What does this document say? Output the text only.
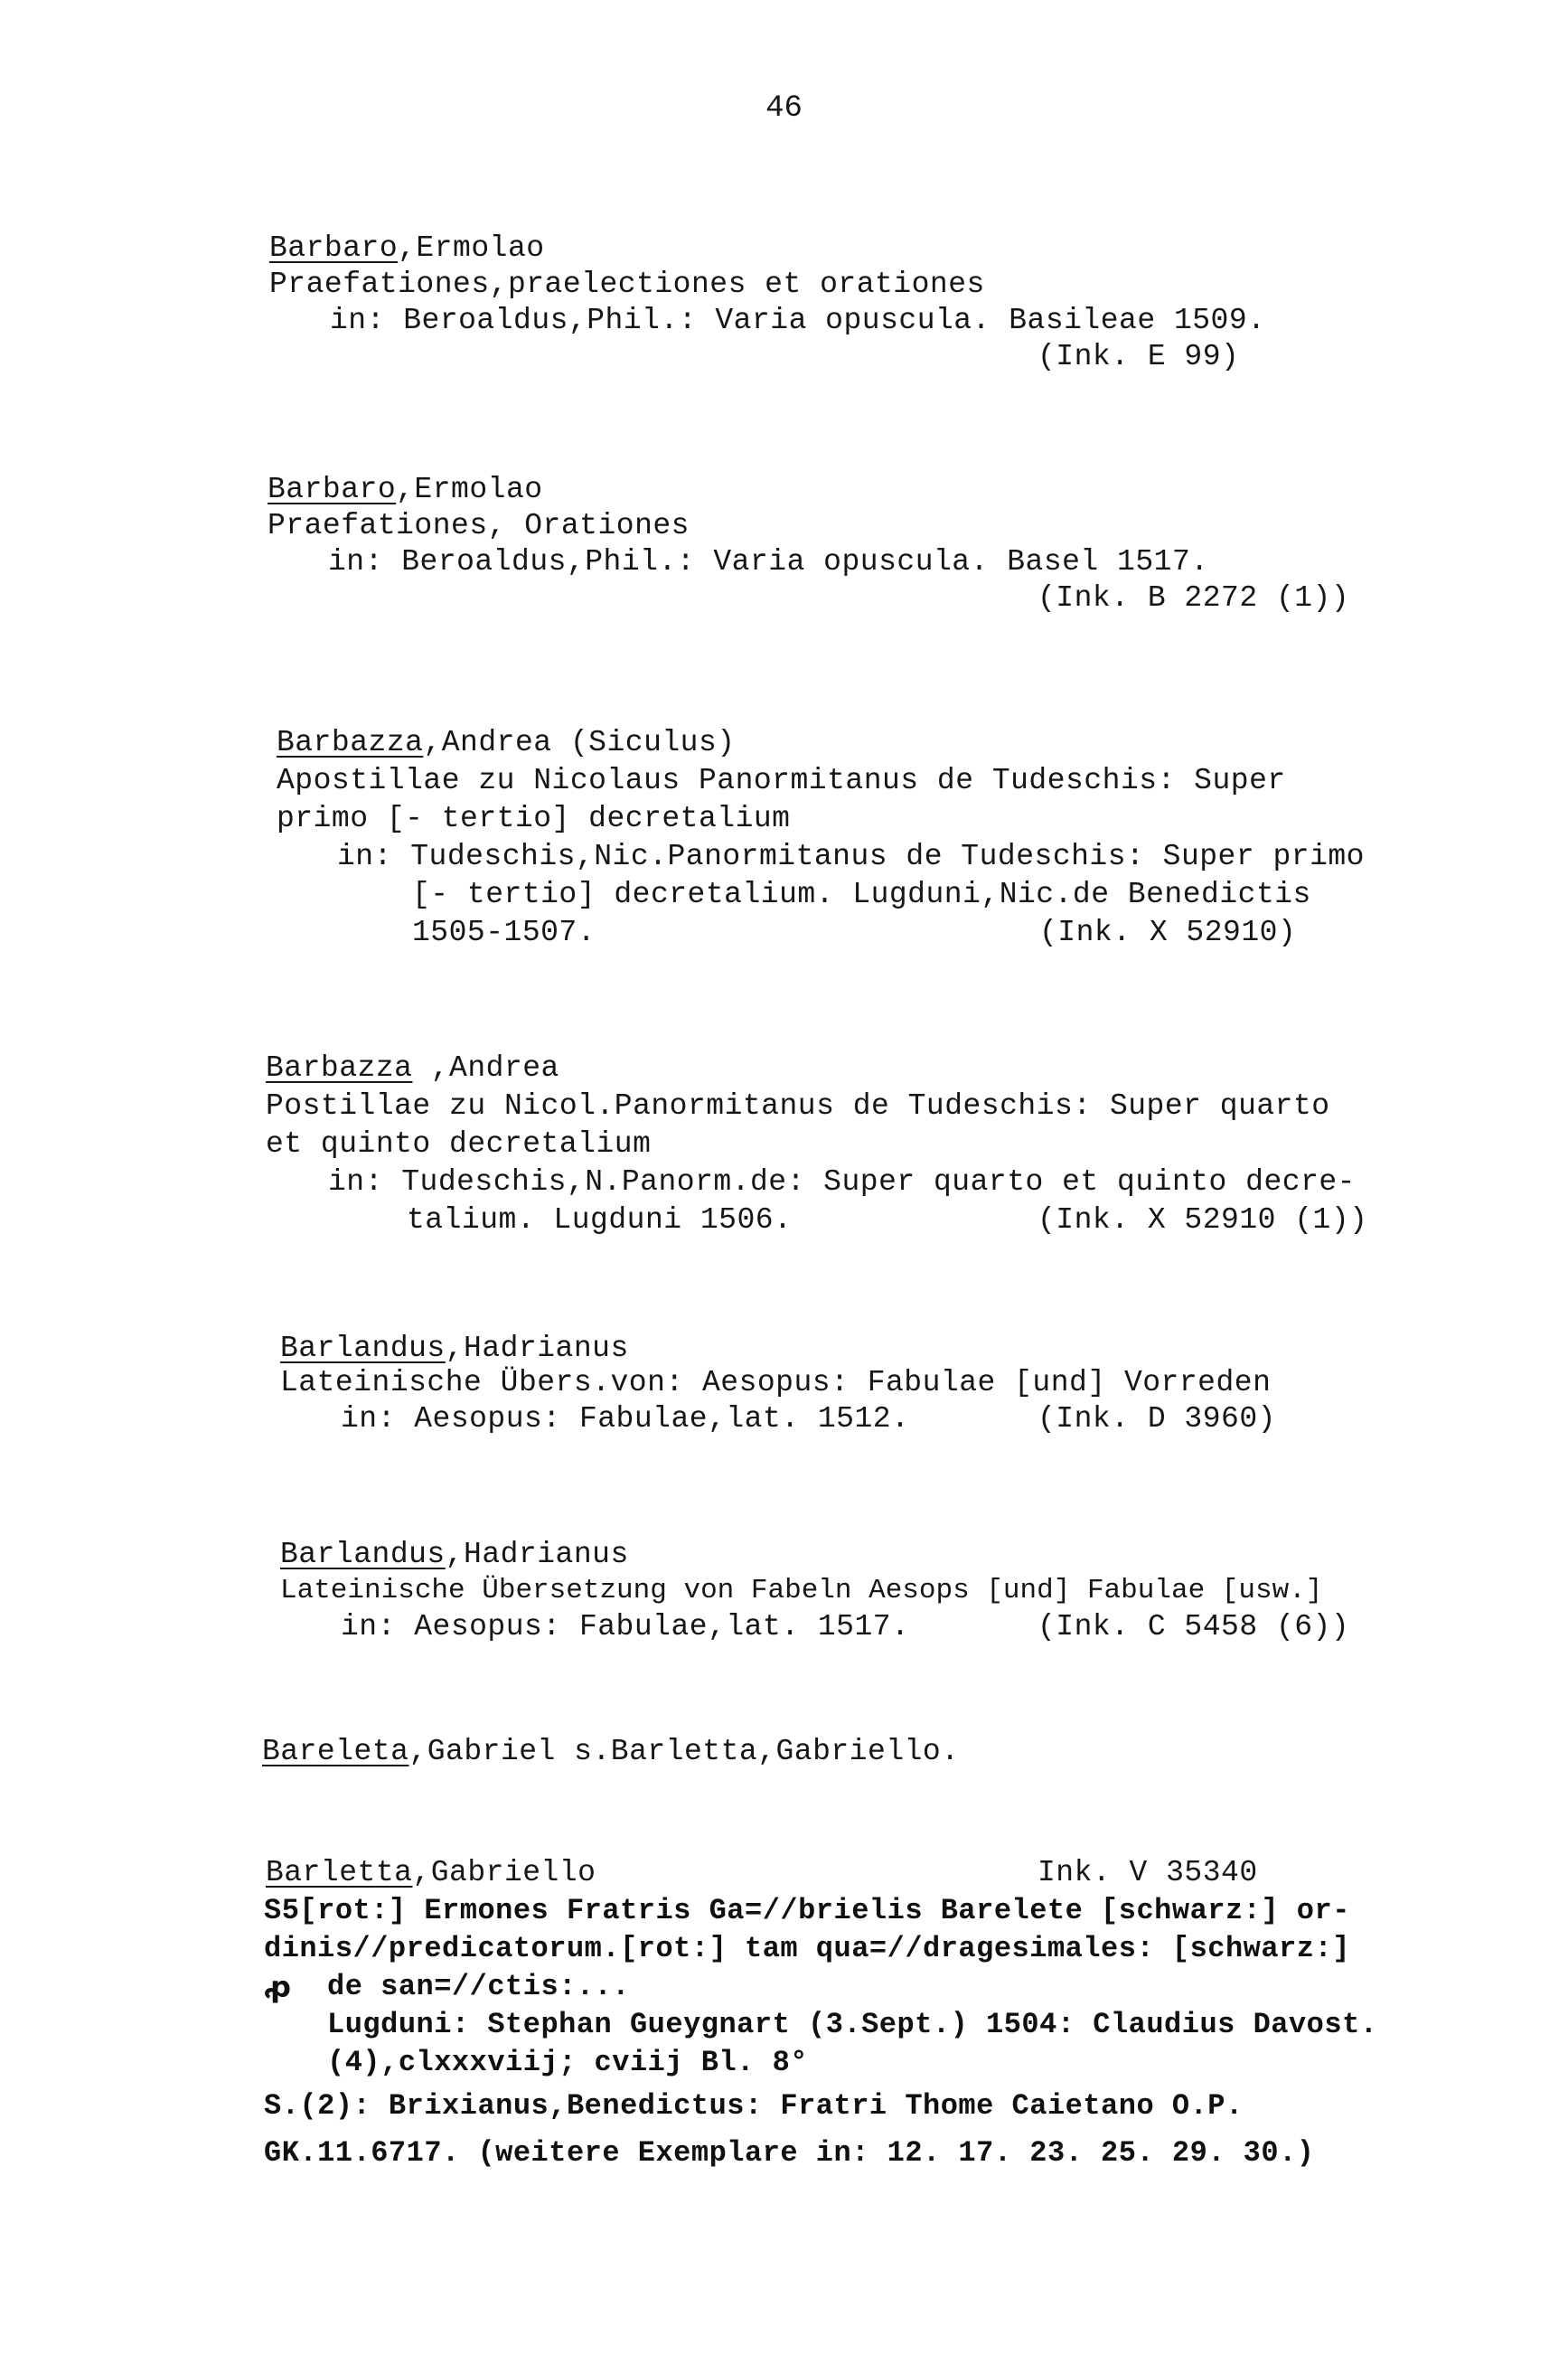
46
Barbaro,Ermolao
Praefationes,praelectiones et orationes
in: Beroaldus,Phil.: Varia opuscula. Basileae 1509.
(Ink. E 99)
Barbaro,Ermolao
Praefationes, Orationes
in: Beroaldus,Phil.: Varia opuscula. Basel 1517.
(Ink. B 2272 (1))
Barbazza,Andrea (Siculus)
Apostillae zu Nicolaus Panormitanus de Tudeschis: Super
primo [- tertio] decretalium
in: Tudeschis,Nic.Panormitanus de Tudeschis: Super primo
[- tertio] decretalium. Lugduni,Nic.de Benedictis
1505-1507.	(Ink. X 52910)
Barbazza ,Andrea
Postillae zu Nicol.Panormitanus de Tudeschis: Super quarto
et quinto decretalium
in: Tudeschis,N.Panorm.de: Super quarto et quinto decre-
talium. Lugduni 1506.	(Ink. X 52910 (1))
Barlandus,Hadrianus
Lateinische Übers.von: Aesopus: Fabulae [und] Vorreden
in: Aesopus: Fabulae,lat. 1512.	(Ink. D 3960)
Barlandus,Hadrianus
Lateinische Übersetzung von Fabeln Aesops [und] Fabulae [usw.]
in: Aesopus: Fabulae,lat. 1517.	(Ink. C 5458 (6))
Bareleta,Gabriel s.Barletta,Gabriello.
Barletta,Gabriello	Ink. V 35340
S5[rot:] Ermones Fratris Ga=//brielis Barelete [schwarz:] or-
dinis//predicatorum.[rot:] tam qua=//dragesimales: [schwarz:]
ꝓ de san=//ctis:...
Lugduni: Stephan Gueygnart (3.Sept.) 1504: Claudius Davost.
(4),clxxxviij; cviij Bl. 8°
S.(2): Brixianus,Benedictus: Fratri Thome Caietano O.P.
GK.11.6717. (weitere Exemplare in: 12. 17. 23. 25. 29. 30.)
